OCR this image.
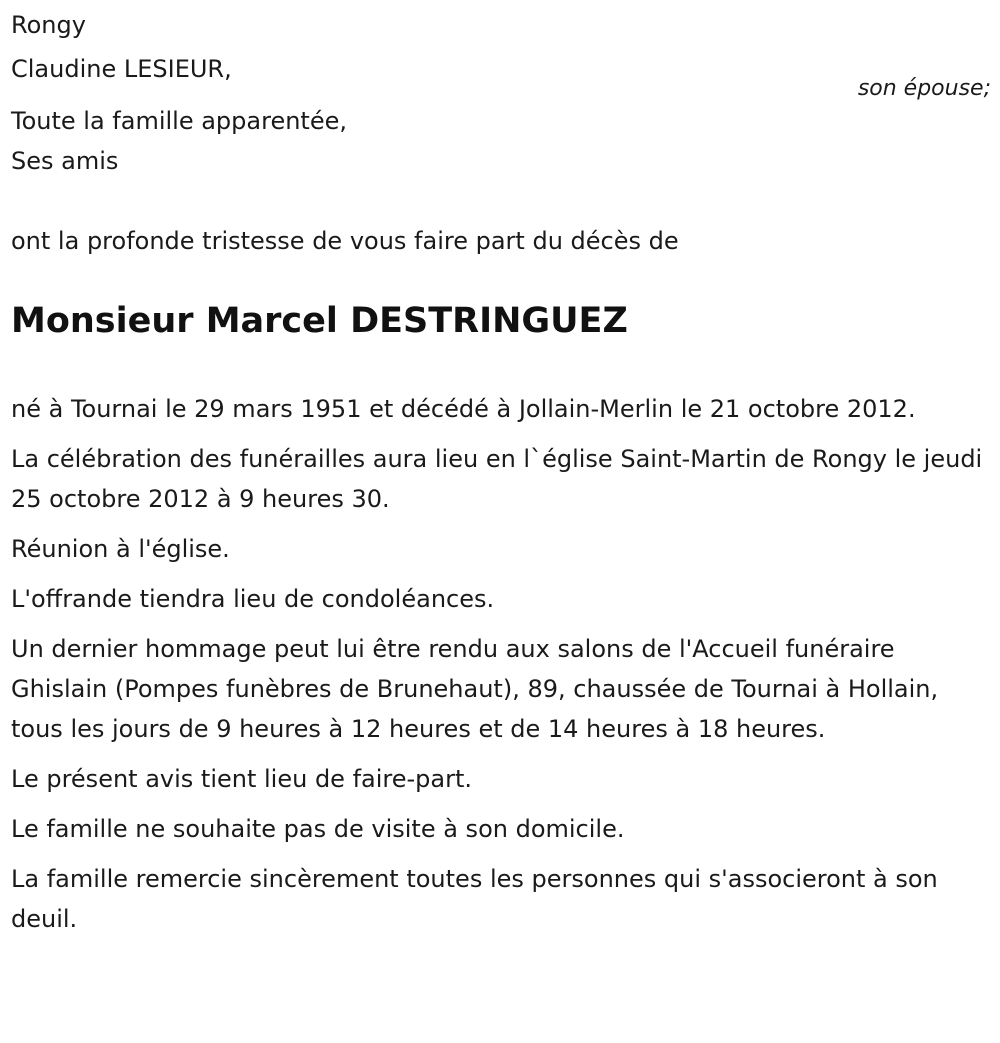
Rongy
Claudine LESIEUR,
son épouse;
Toute la famille apparentée,
Ses amis
ont la profonde tristesse de vous faire part du décès de
Monsieur Marcel DESTRINGUEZ

né à Tournai le 29 mars 1951 et décédé à Jollain-Merlin le 21 octobre 2012.

La célébration des funérailles aura lieu en l`église Saint-Martin de Rongy le jeudi 25 octobre 2012 à 9 heures 30.

Réunion à l'église.

L'offrande tiendra lieu de condoléances.

Un dernier hommage peut lui être rendu aux salons de l'Accueil funéraire Ghislain (Pompes funèbres de Brunehaut), 89, chaussée de Tournai à Hollain, tous les jours de 9 heures à 12 heures et de 14 heures à 18 heures.

Le présent avis tient lieu de faire-part.

Le famille ne souhaite pas de visite à son domicile.

La famille remercie sincèrement toutes les personnes qui s'associeront à son deuil.
